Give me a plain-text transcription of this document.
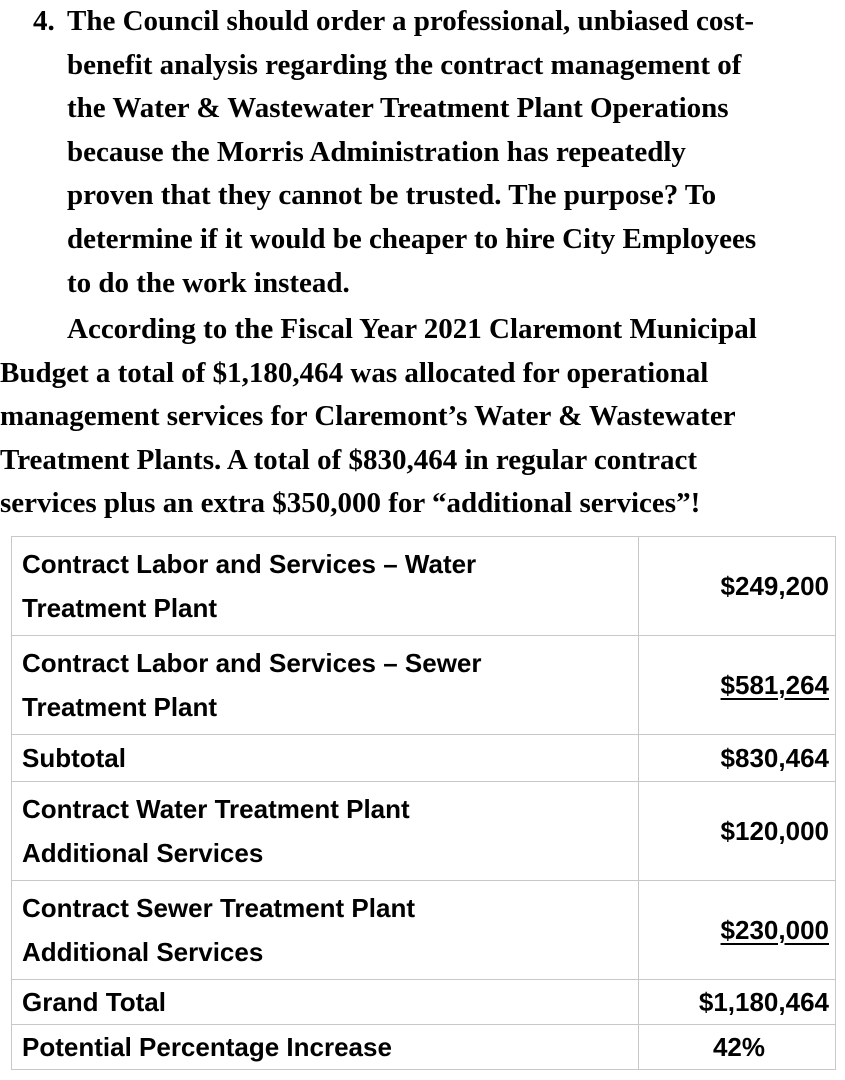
4. The Council should order a professional, unbiased cost-
benefit analysis regarding the contract management of
the Water & Wastewater Treatment Plant Operations
because the Morris Administration has repeatedly
proven that they cannot be trusted. The purpose? To
determine if it would be cheaper to hire City Employees
to do the work instead.
According to the Fiscal Year 2021 Claremont Municipal
Budget a total of $1,180,464 was allocated for operational
management services for Claremont’s Water & Wastewater
Treatment Plants. A total of $830,464 in regular contract
services plus an extra $350,000 for “additional services”!
Contract Labor and Services – Water
Treatment Plant	$249,200

Contract Labor and Services – Sewer
Treatment Plant	$581,264

Subtotal	$830,464

Contract Water Treatment Plant
Additional Services	$120,000

Contract Sewer Treatment Plant
Additional Services	$230,000

Grand Total	$1,180,464

Potential Percentage Increase	42%
